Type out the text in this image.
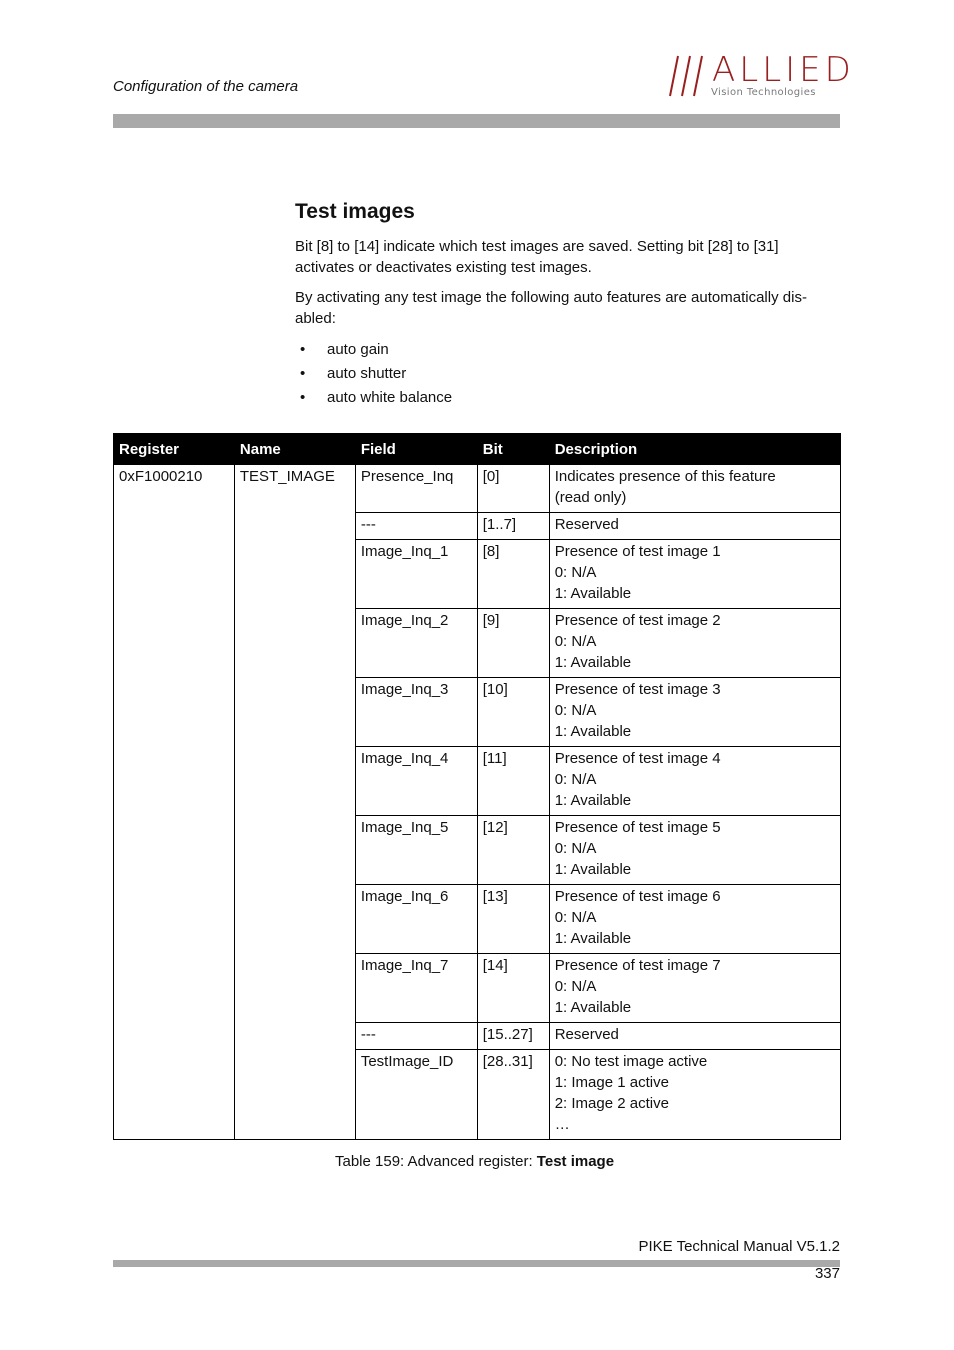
Configuration of the camera	ALLIED
Vision Technologies
Test images

Bit [8] to [14] indicate which test images are saved. Setting bit [28] to [31] activates or deactivates existing test images.

By activating any test image the following auto features are automatically dis-abled:

• auto gain
• auto shutter
• auto white balance
Register	Name	Field	Bit	Description
0xF1000210	TEST_IMAGE	Presence_Inq	[0]	Indicates presence of this feature
(read only)

		---	[1..7]	Reserved

		Image_Inq_1	[8]	Presence of test image 1
0: N/A
1: Available

		Image_Inq_2	[9]	Presence of test image 2
0: N/A
1: Available

		Image_Inq_3	[10]	Presence of test image 3
0: N/A
1: Available

		Image_Inq_4	[11]	Presence of test image 4
0: N/A
1: Available

		Image_Inq_5	[12]	Presence of test image 5
0: N/A
1: Available

		Image_Inq_6	[13]	Presence of test image 6
0: N/A
1: Available

		Image_Inq_7	[14]	Presence of test image 7
0: N/A
1: Available

		---	[15..27]	Reserved

		TestImage_ID	[28..31]	0: No test image active
1: Image 1 active
2: Image 2 active
…
Table 159: Advanced register: Test image
PIKE Technical Manual V5.1.2
337
